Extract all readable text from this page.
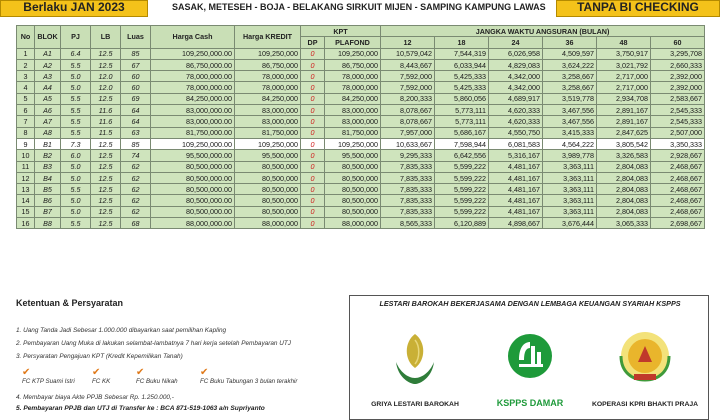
Berlaku JAN 2023	SASAK, METESEH - BOJA - BELAKANG SIRKUIT MIJEN - SAMPING KAMPUNG LAWAS	TANPA BI CHECKING
No	BLOK	PJ	LB	Luas	Harga Cash	Harga KREDIT	KPT		JANGKA WAKTU ANGSURAN (BULAN)					
							DP	PLAFOND	12	18	24	36	48	60
1	A1	6.4	12.5	85	109,250,000.00	109,250,000	0	109,250,000	10,579,042	7,544,319	6,026,958	4,509,597	3,750,917	3,295,708
2	A2	5.5	12.5	67	86,750,000.00	86,750,000	0	86,750,000	8,443,667	6,033,944	4,829,083	3,624,222	3,021,792	2,660,333
3	A3	5.0	12.0	60	78,000,000.00	78,000,000	0	78,000,000	7,592,000	5,425,333	4,342,000	3,258,667	2,717,000	2,392,000
4	A4	5.0	12.0	60	78,000,000.00	78,000,000	0	78,000,000	7,592,000	5,425,333	4,342,000	3,258,667	2,717,000	2,392,000
5	A5	5.5	12.5	69	84,250,000.00	84,250,000	0	84,250,000	8,200,333	5,860,056	4,689,917	3,519,778	2,934,708	2,583,667
6	A6	5.5	11.6	64	83,000,000.00	83,000,000	0	83,000,000	8,078,667	5,773,111	4,620,333	3,467,556	2,891,167	2,545,333
7	A7	5.5	11.6	64	83,000,000.00	83,000,000	0	83,000,000	8,078,667	5,773,111	4,620,333	3,467,556	2,891,167	2,545,333
8	A8	5.5	11.5	63	81,750,000.00	81,750,000	0	81,750,000	7,957,000	5,686,167	4,550,750	3,415,333	2,847,625	2,507,000
9	B1	7.3	12.5	85	109,250,000.00	109,250,000	0	109,250,000	10,633,667	7,598,944	6,081,583	4,564,222	3,805,542	3,350,333
10	B2	6.0	12.5	74	95,500,000.00	95,500,000	0	95,500,000	9,295,333	6,642,556	5,316,167	3,989,778	3,326,583	2,928,667
11	B3	5.0	12.5	62	80,500,000.00	80,500,000	0	80,500,000	7,835,333	5,599,222	4,481,167	3,363,111	2,804,083	2,468,667
12	B4	5.0	12.5	62	80,500,000.00	80,500,000	0	80,500,000	7,835,333	5,599,222	4,481,167	3,363,111	2,804,083	2,468,667
13	B5	5.5	12.5	62	80,500,000.00	80,500,000	0	80,500,000	7,835,333	5,599,222	4,481,167	3,363,111	2,804,083	2,468,667
14	B6	5.0	12.5	62	80,500,000.00	80,500,000	0	80,500,000	7,835,333	5,599,222	4,481,167	3,363,111	2,804,083	2,468,667
15	B7	5.0	12.5	62	80,500,000.00	80,500,000	0	80,500,000	7,835,333	5,599,222	4,481,167	3,363,111	2,804,083	2,468,667
16	B8	5.5	12.5	68	88,000,000.00	88,000,000	0	88,000,000	8,565,333	6,120,889	4,898,667	3,676,444	3,065,333	2,698,667
Ketentuan & Persyaratan
1. Uang Tanda Jadi Sebesar 1.000.000 dibayarkan saat pemilihan Kapling
2. Pembayaran Uang Muka di lakukan selambat-lambatnya 7 hari kerja setelah Pembayaran UTJ
3. Persyaratan Pengajuan KPT (Kredit Kepemilikan Tanah)
✔
FC KTP Suami Istri
✔
FC KK
✔
FC Buku Nikah
✔
FC Buku Tabungan 3 bulan terakhir
4. Membayar biaya Akte PPJB Sebesar Rp. 1.250.000,-
5. Pembayaran PPJB dan UTJ di Transfer ke : BCA 871-519-1063 a/n Supriyanto
LESTARI BAROKAH BEKERJASAMA DENGAN LEMBAGA KEUANGAN SYARIAH KSPPS
GRIYA LESTARI BAROKAH	KSPPS DAMAR	KOPERASI KPRI BHAKTI PRAJA
